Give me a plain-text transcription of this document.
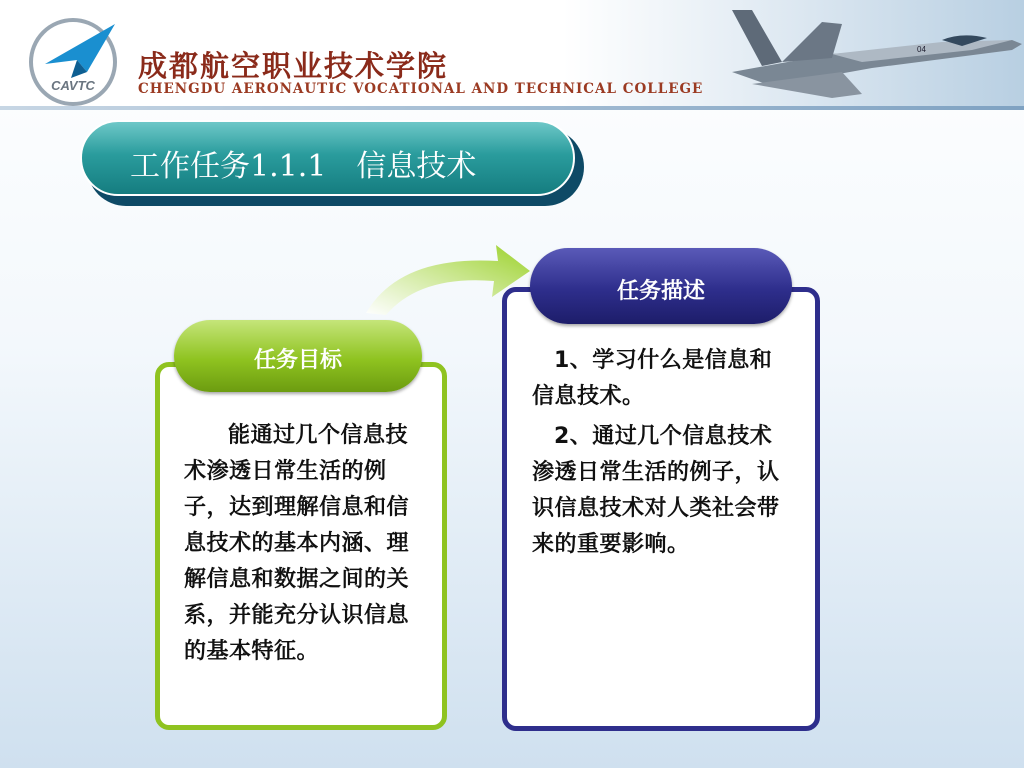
CAVTC
成都航空职业技术学院
CHENGDU AERONAUTIC VOCATIONAL AND TECHNICAL COLLEGE
04
工作任务1.1.1　信息技术
任务目标
能通过几个信息技术渗透日常生活的例子，达到理解信息和信息技术的基本内涵、理解信息和数据之间的关系，并能充分认识信息的基本特征。
任务描述

1、学习什么是信息和信息技术。

2、通过几个信息技术渗透日常生活的例子，认识信息技术对人类社会带来的重要影响。
